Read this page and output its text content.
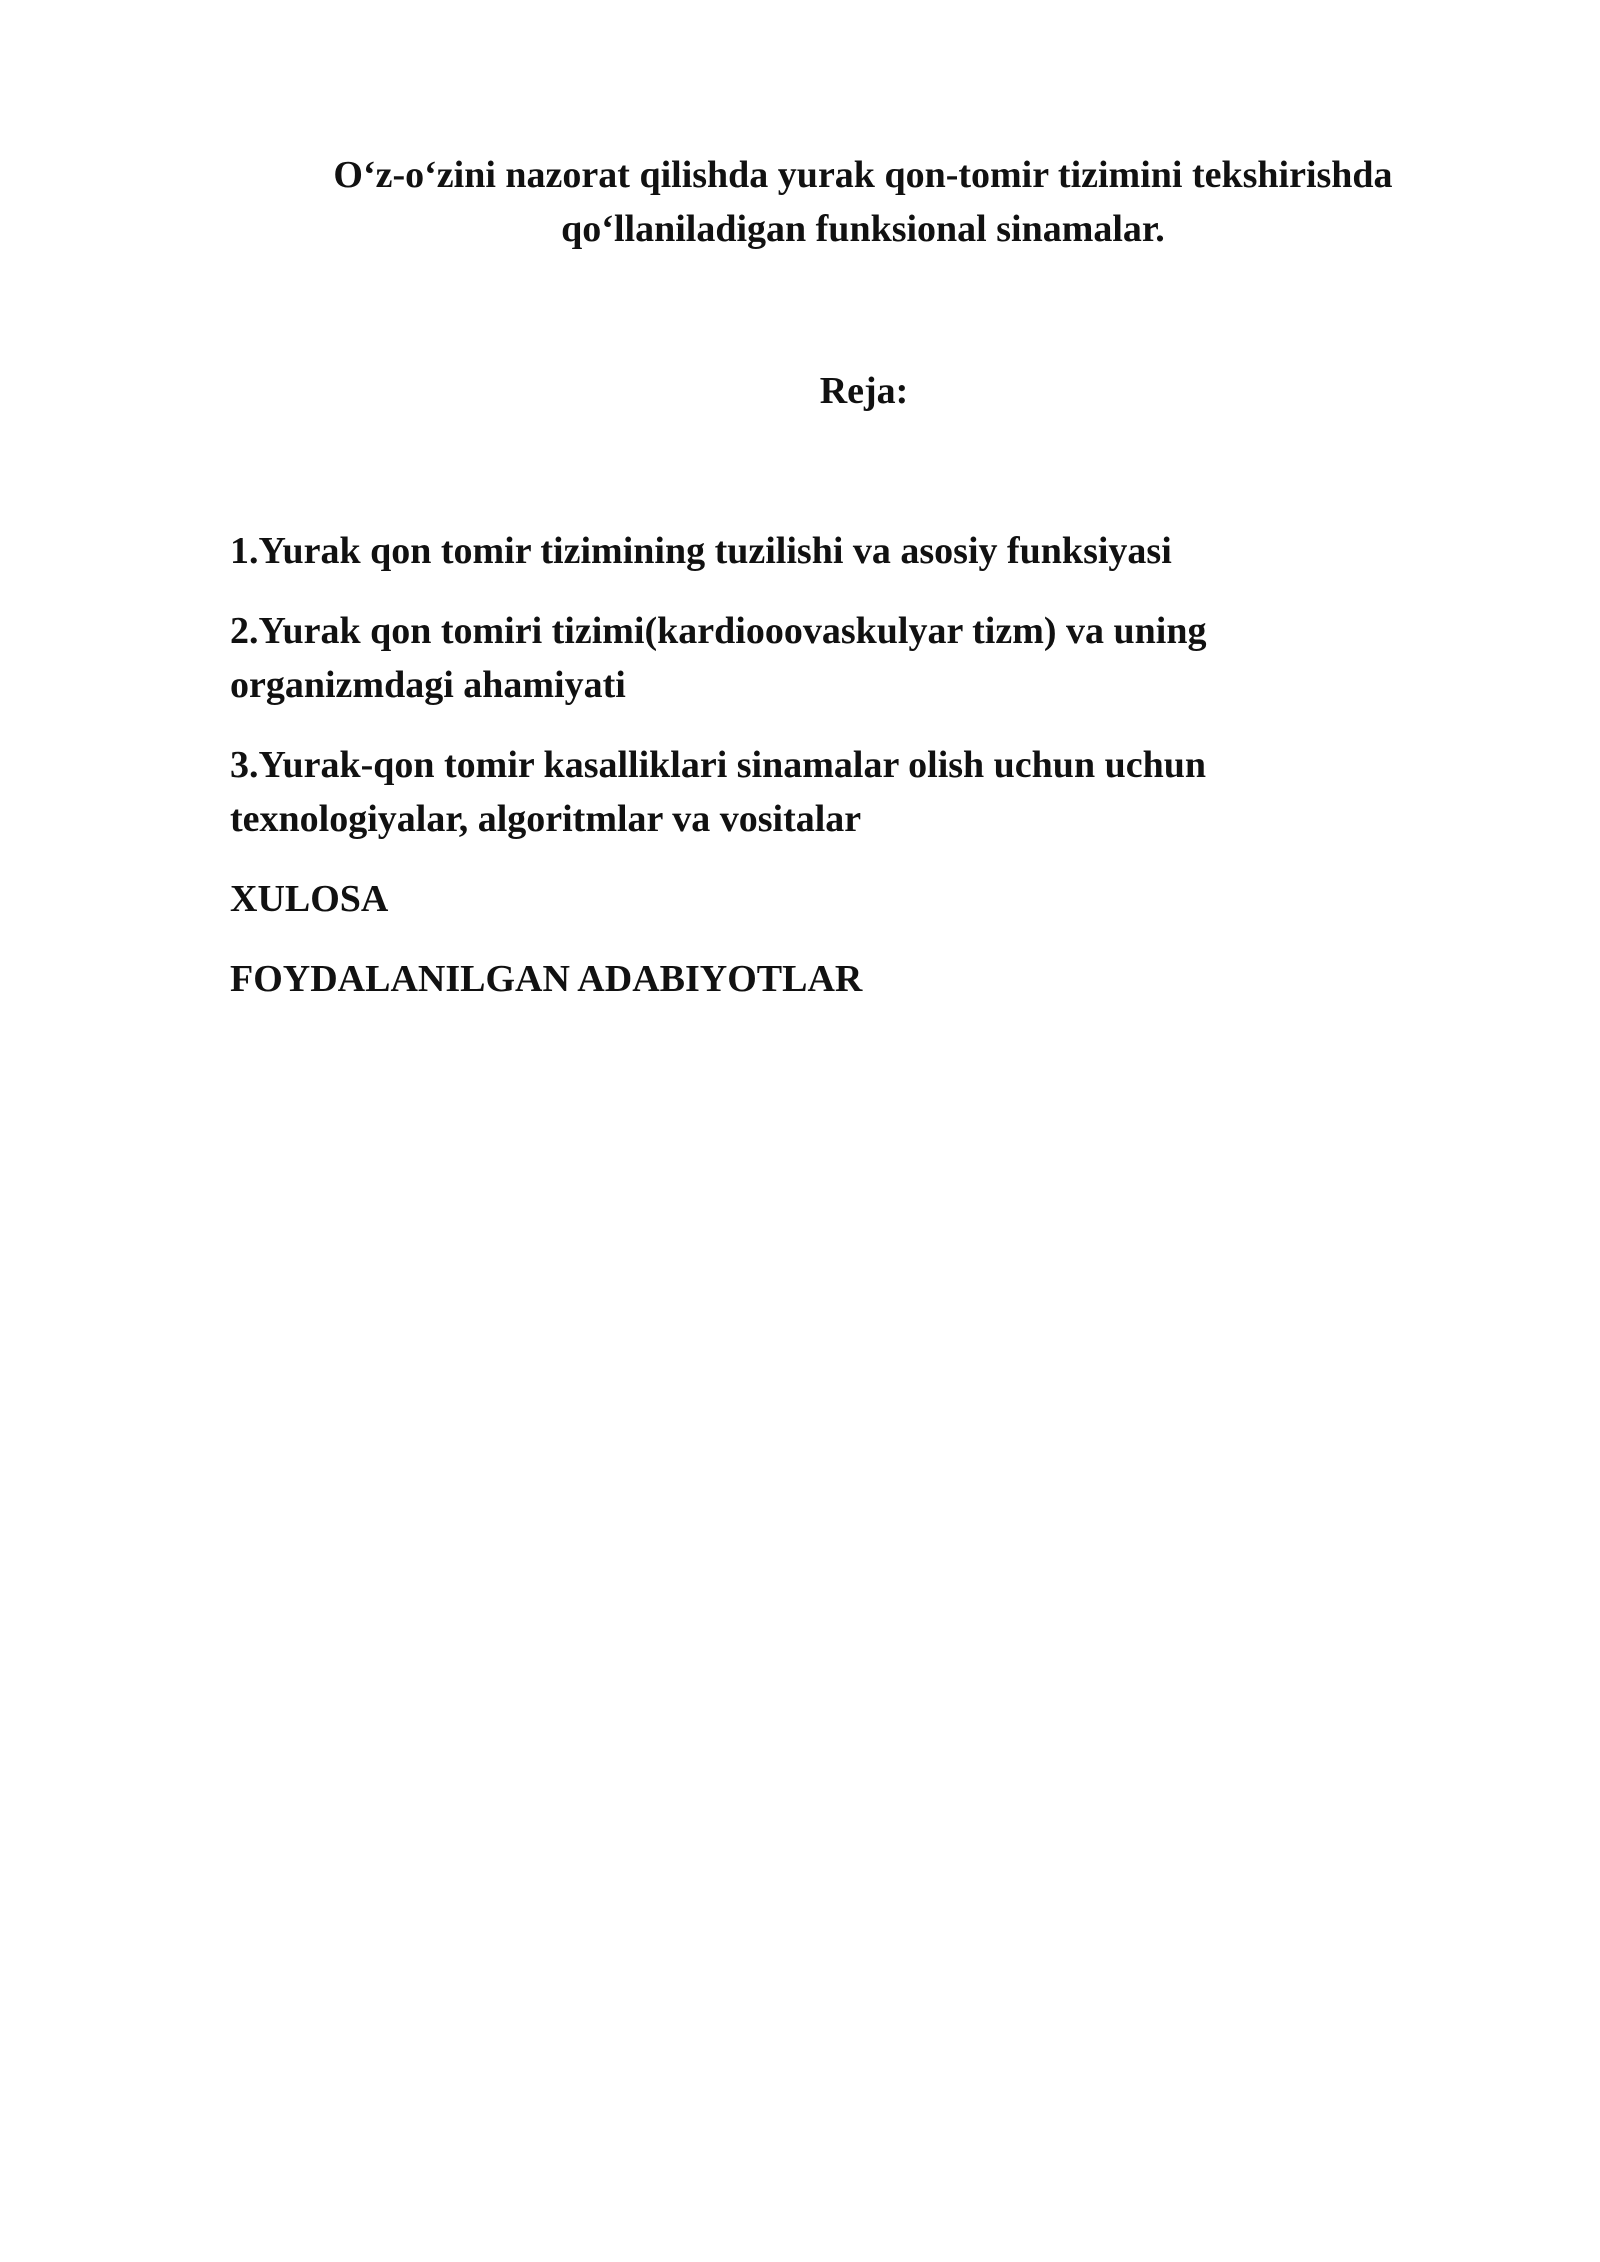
O‘z-o‘zini nazorat qilishda yurak qon-tomir tizimini tekshirishda
qo‘llaniladigan funksional sinamalar.
Reja:
1.Yurak qon tomir tizimining tuzilishi va asosiy funksiyasi
2.Yurak qon tomiri tizimi(kardiooovaskulyar tizm) va uning
organizmdagi ahamiyati
3.Yurak-qon tomir kasalliklari sinamalar olish uchun uchun
texnologiyalar, algoritmlar va vositalar
XULOSA
FOYDALANILGAN ADABIYOTLAR
